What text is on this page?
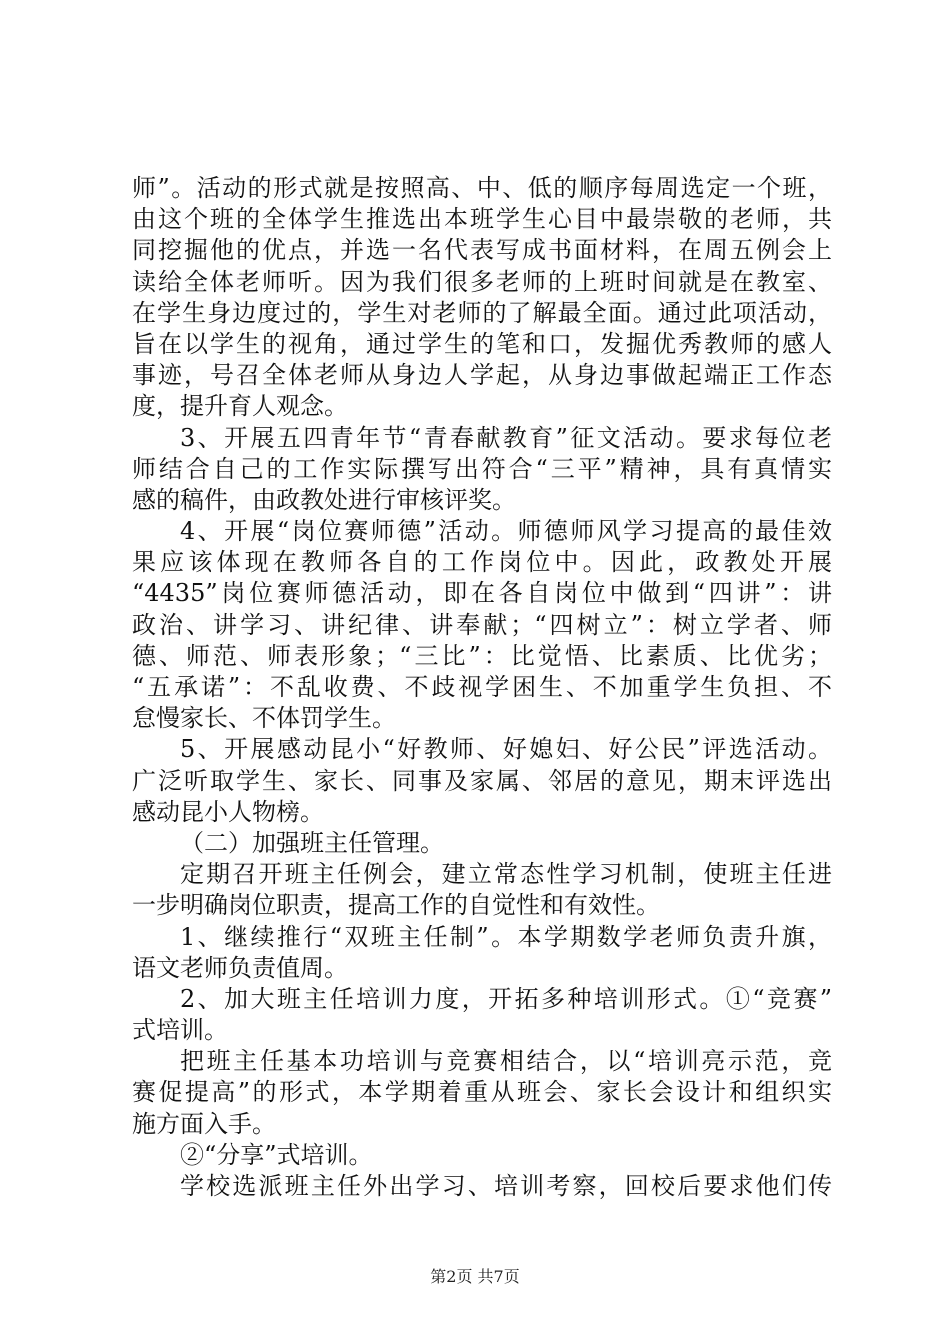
师”。活动的形式就是按照高、中、低的顺序每周选定一个班，
由这个班的全体学生推选出本班学生心目中最崇敬的老师，共
同挖掘他的优点，并选一名代表写成书面材料，在周五例会上
读给全体老师听。因为我们很多老师的上班时间就是在教室、
在学生身边度过的，学生对老师的了解最全面。通过此项活动，
旨在以学生的视角，通过学生的笔和口，发掘优秀教师的感人
事迹，号召全体老师从身边人学起，从身边事做起端正工作态
度，提升育人观念。
3、开展五四青年节“青春献教育”征文活动。要求每位老
师结合自己的工作实际撰写出符合“三平”精神，具有真情实
感的稿件，由政教处进行审核评奖。
4、开展“岗位赛师德”活动。师德师风学习提高的最佳效
果应该体现在教师各自的工作岗位中。因此，政教处开展
“4435”岗位赛师德活动，即在各自岗位中做到“四讲”：讲
政治、讲学习、讲纪律、讲奉献；“四树立”：树立学者、师
德、师范、师表形象；“三比”：比觉悟、比素质、比优劣；
“五承诺”：不乱收费、不歧视学困生、不加重学生负担、不
怠慢家长、不体罚学生。
5、开展感动昆小“好教师、好媳妇、好公民”评选活动。
广泛听取学生、家长、同事及家属、邻居的意见，期末评选出
感动昆小人物榜。
（二）加强班主任管理。
定期召开班主任例会，建立常态性学习机制，使班主任进
一步明确岗位职责，提高工作的自觉性和有效性。
1、继续推行“双班主任制”。本学期数学老师负责升旗，
语文老师负责值周。
2、加大班主任培训力度，开拓多种培训形式。①“竞赛”
式培训。
把班主任基本功培训与竞赛相结合，以“培训亮示范，竞
赛促提高”的形式，本学期着重从班会、家长会设计和组织实
施方面入手。
②“分享”式培训。
学校选派班主任外出学习、培训考察，回校后要求他们传
第2页 共7页
